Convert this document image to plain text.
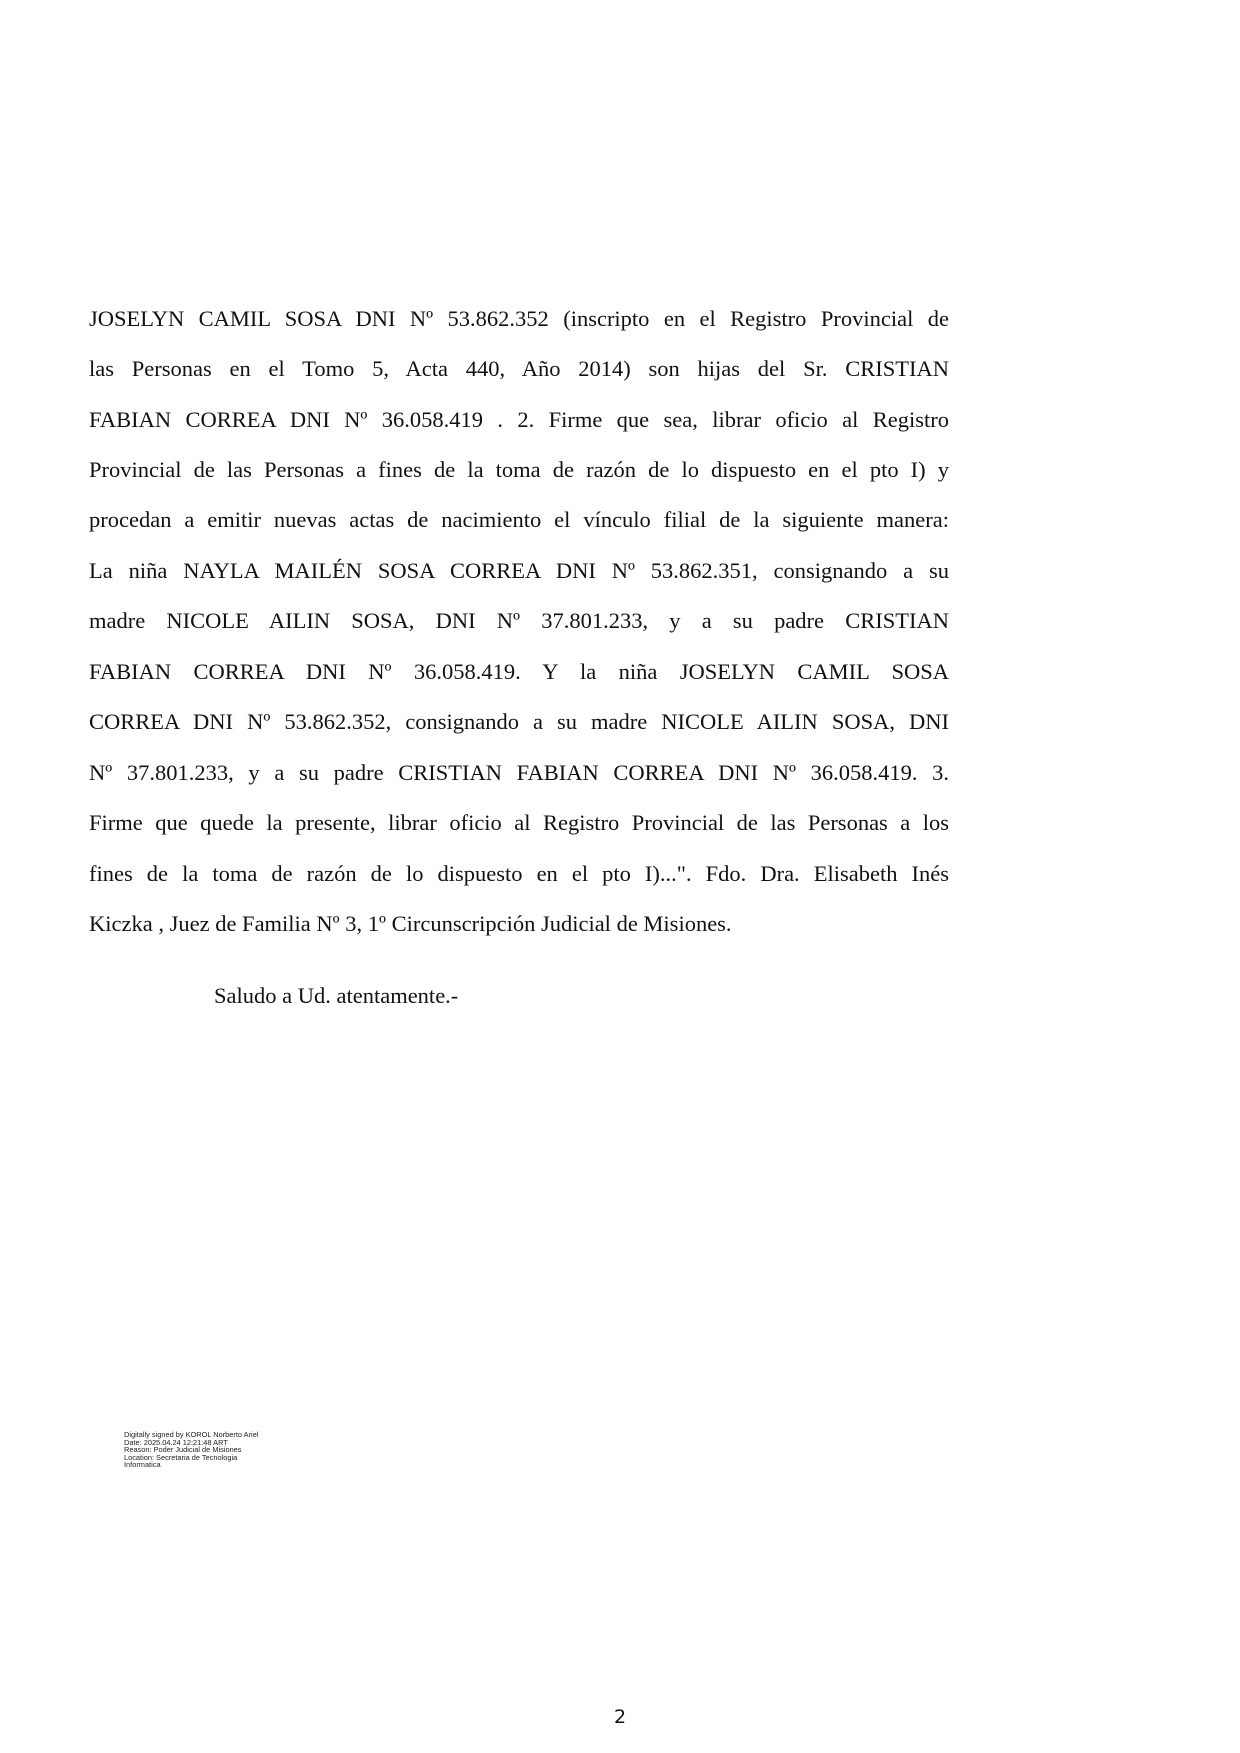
JOSELYN CAMIL SOSA DNI Nº 53.862.352 (inscripto en el Registro Provincial de
las Personas en el Tomo 5, Acta 440, Año 2014) son hijas del Sr. CRISTIAN
FABIAN CORREA DNI Nº 36.058.419 . 2. Firme que sea, librar oficio al Registro
Provincial de las Personas a fines de la toma de razón de lo dispuesto en el pto I) y
procedan a emitir nuevas actas de nacimiento el vínculo filial de la siguiente manera:
La niña NAYLA MAILÉN SOSA CORREA DNI Nº 53.862.351, consignando a su
madre NICOLE AILIN SOSA, DNI Nº 37.801.233, y a su padre CRISTIAN
FABIAN CORREA DNI Nº 36.058.419. Y la niña JOSELYN CAMIL SOSA
CORREA DNI Nº 53.862.352, consignando a su madre NICOLE AILIN SOSA, DNI
Nº 37.801.233, y a su padre CRISTIAN FABIAN CORREA DNI Nº 36.058.419. 3.
Firme que quede la presente, librar oficio al Registro Provincial de las Personas a los
fines de la toma de razón de lo dispuesto en el pto I)...". Fdo. Dra. Elisabeth Inés
Kiczka , Juez de Familia Nº 3, 1º Circunscripción Judicial de Misiones.
Saludo a Ud. atentamente.-
Digitally signed by KOROL Norberto Ariel
Date: 2025.04.24 12:21:48 ART
Reason: Poder Judicial de Misiones
Location: Secretaria de Tecnologia
Informatica
2
